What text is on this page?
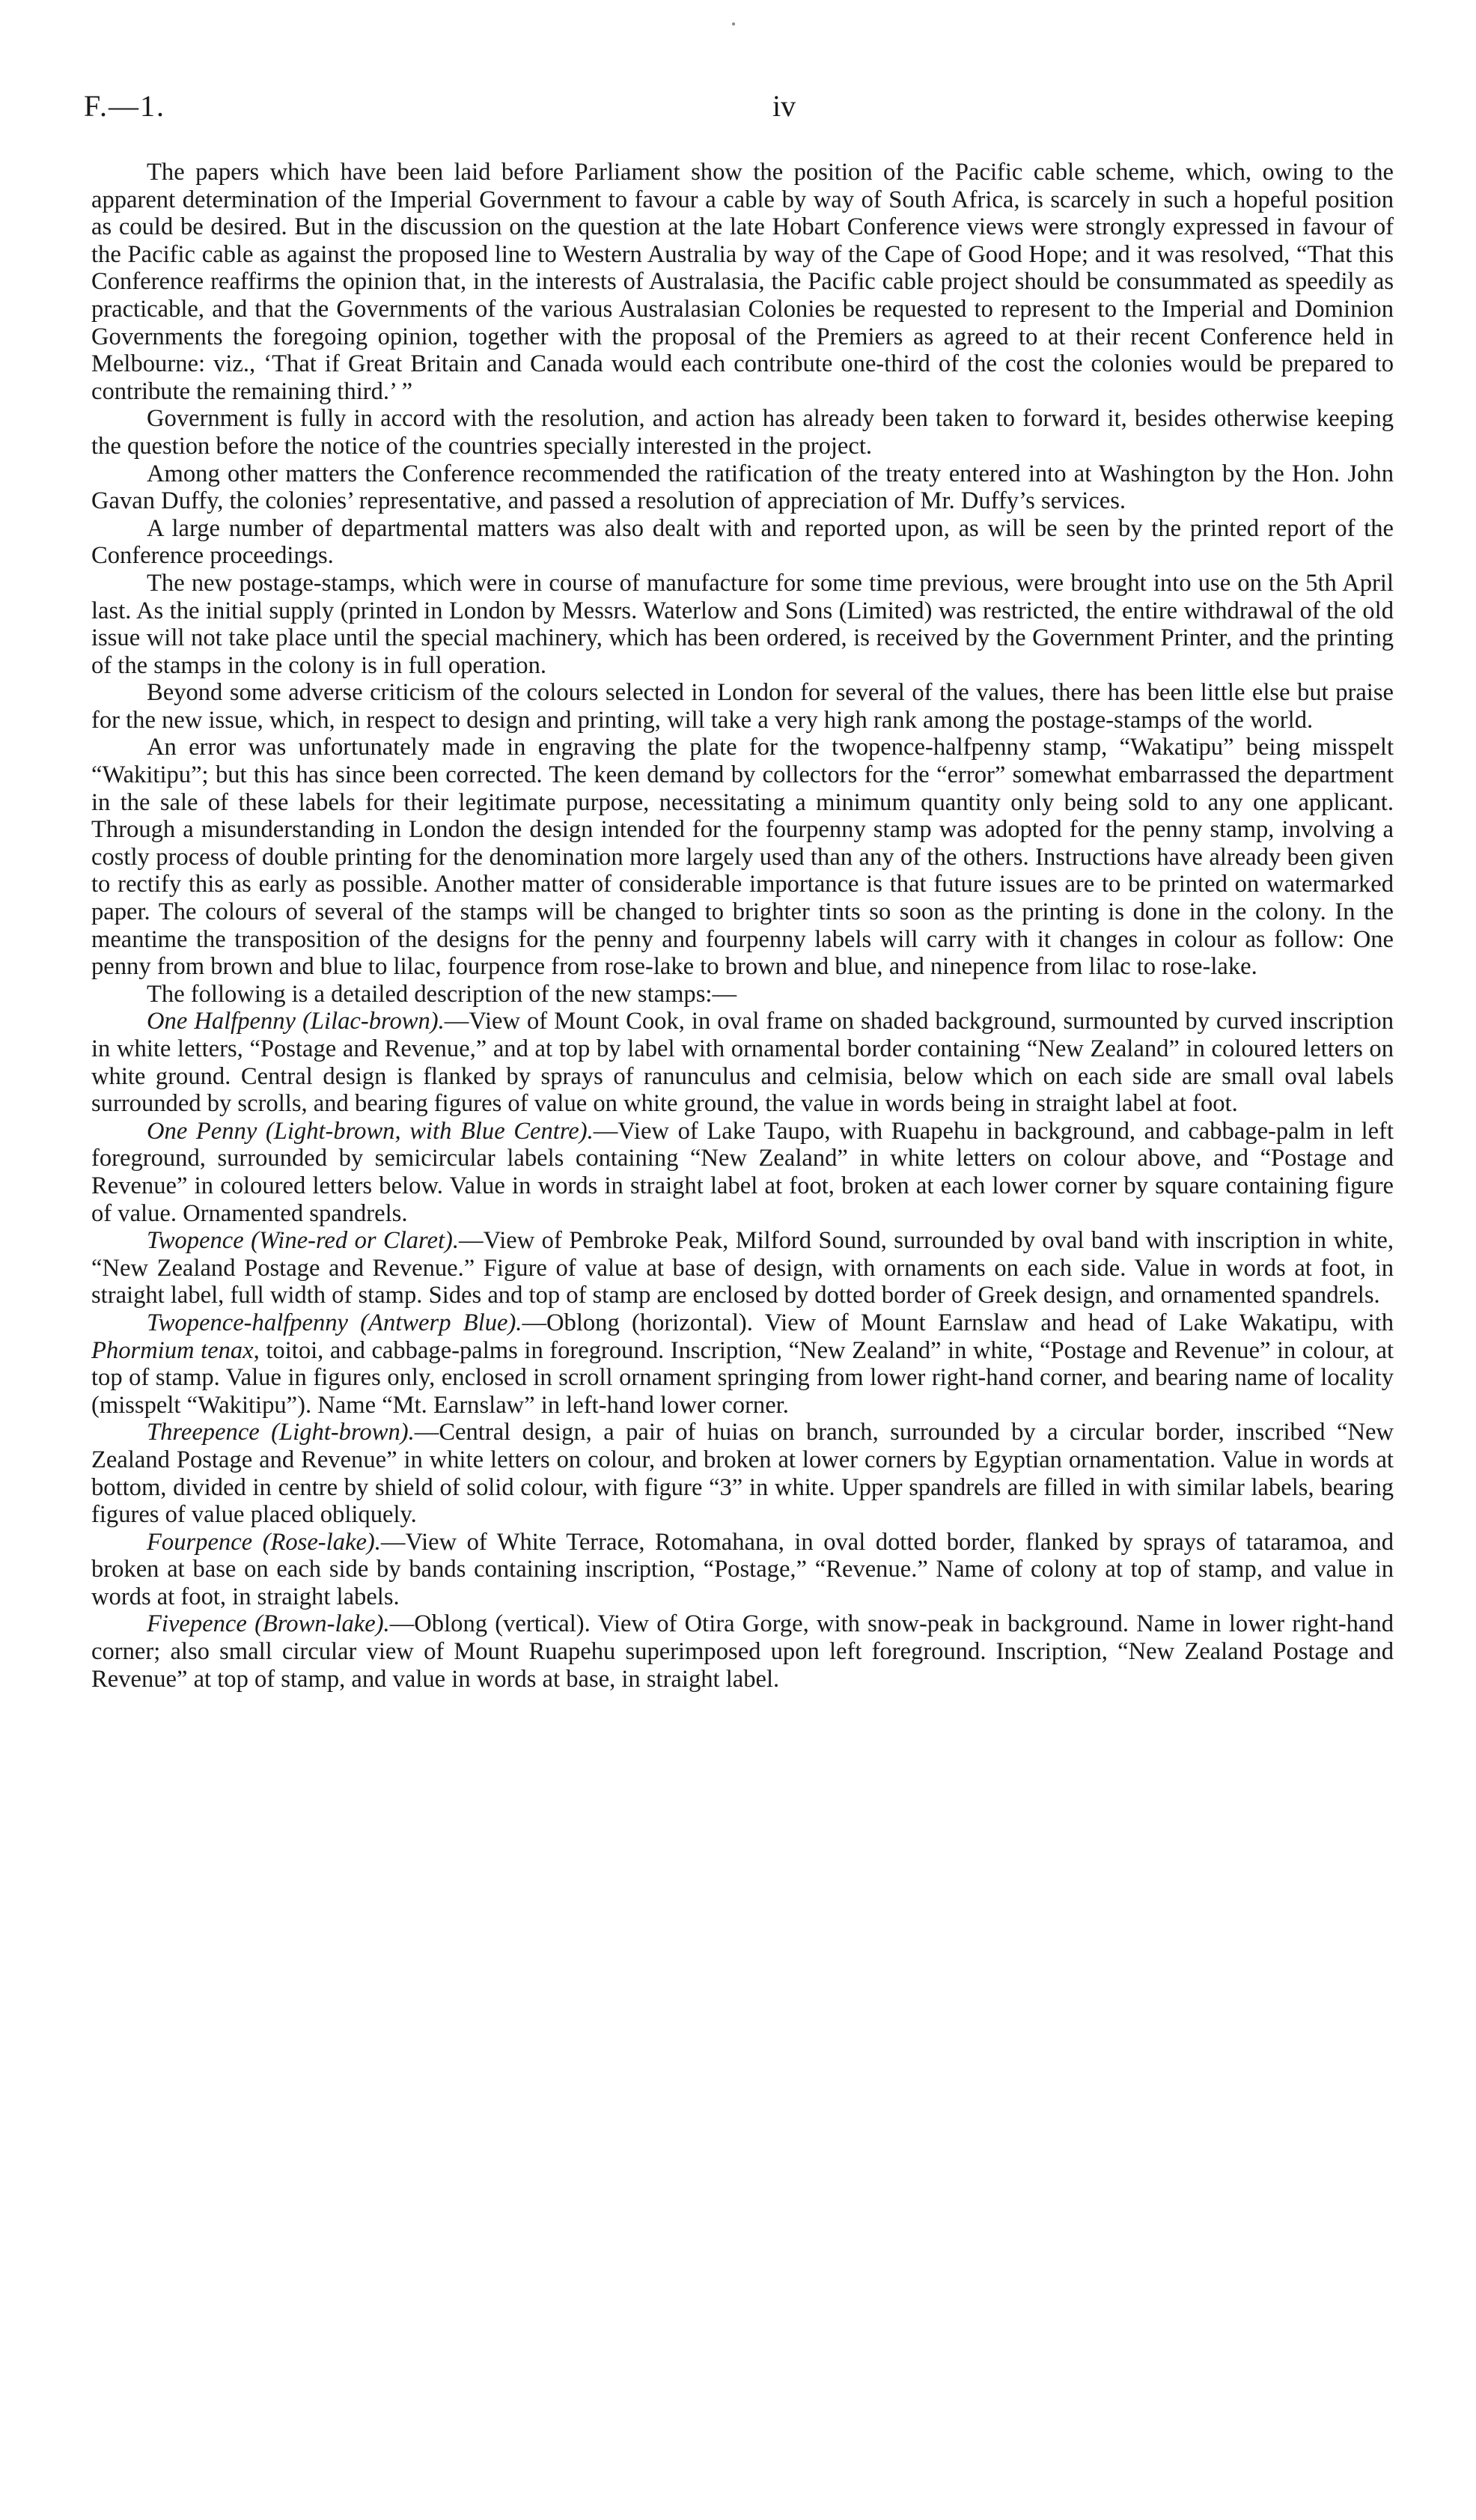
F.—1.	iv

The papers which have been laid before Parliament show the position of the Pacific cable scheme, which, owing to the apparent determination of the Imperial Government to favour a cable by way of South Africa, is scarcely in such a hopeful position as could be desired. But in the discussion on the question at the late Hobart Conference views were strongly expressed in favour of the Pacific cable as against the proposed line to Western Australia by way of the Cape of Good Hope; and it was resolved, “That this Conference reaffirms the opinion that, in the interests of Australasia, the Pacific cable project should be consummated as speedily as practicable, and that the Governments of the various Australasian Colonies be requested to represent to the Imperial and Dominion Governments the foregoing opinion, together with the proposal of the Premiers as agreed to at their recent Conference held in Melbourne: viz., ‘That if Great Britain and Canada would each contribute one-third of the cost the colonies would be prepared to contribute the remaining third.’ ”

Government is fully in accord with the resolution, and action has already been taken to forward it, besides otherwise keeping the question before the notice of the countries specially interested in the project.

Among other matters the Conference recommended the ratification of the treaty entered into at Washington by the Hon. John Gavan Duffy, the colonies’ representative, and passed a resolution of appreciation of Mr. Duffy’s services.

A large number of departmental matters was also dealt with and reported upon, as will be seen by the printed report of the Conference proceedings.

The new postage-stamps, which were in course of manufacture for some time previous, were brought into use on the 5th April last. As the initial supply (printed in London by Messrs. Waterlow and Sons (Limited) was restricted, the entire withdrawal of the old issue will not take place until the special machinery, which has been ordered, is received by the Government Printer, and the printing of the stamps in the colony is in full operation.

Beyond some adverse criticism of the colours selected in London for several of the values, there has been little else but praise for the new issue, which, in respect to design and printing, will take a very high rank among the postage-stamps of the world.

An error was unfortunately made in engraving the plate for the twopence-halfpenny stamp, “Wakatipu” being misspelt “Wakitipu”; but this has since been corrected. The keen demand by collectors for the “error” somewhat embarrassed the department in the sale of these labels for their legitimate purpose, necessitating a minimum quantity only being sold to any one applicant. Through a misunderstanding in London the design intended for the fourpenny stamp was adopted for the penny stamp, involving a costly process of double printing for the denomination more largely used than any of the others. Instructions have already been given to rectify this as early as possible. Another matter of considerable importance is that future issues are to be printed on watermarked paper. The colours of several of the stamps will be changed to brighter tints so soon as the printing is done in the colony. In the meantime the transposition of the designs for the penny and fourpenny labels will carry with it changes in colour as follow: One penny from brown and blue to lilac, fourpence from rose-lake to brown and blue, and ninepence from lilac to rose-lake.

The following is a detailed description of the new stamps:—

One Halfpenny (Lilac-brown).—View of Mount Cook, in oval frame on shaded background, surmounted by curved inscription in white letters, “Postage and Revenue,” and at top by label with ornamental border containing “New Zealand” in coloured letters on white ground. Central design is flanked by sprays of ranunculus and celmisia, below which on each side are small oval labels surrounded by scrolls, and bearing figures of value on white ground, the value in words being in straight label at foot.

One Penny (Light-brown, with Blue Centre).—View of Lake Taupo, with Ruapehu in background, and cabbage-palm in left foreground, surrounded by semicircular labels containing “New Zealand” in white letters on colour above, and “Postage and Revenue” in coloured letters below. Value in words in straight label at foot, broken at each lower corner by square containing figure of value. Ornamented spandrels.

Twopence (Wine-red or Claret).—View of Pembroke Peak, Milford Sound, surrounded by oval band with inscription in white, “New Zealand Postage and Revenue.” Figure of value at base of design, with ornaments on each side. Value in words at foot, in straight label, full width of stamp. Sides and top of stamp are enclosed by dotted border of Greek design, and ornamented spandrels.

Twopence-halfpenny (Antwerp Blue).—Oblong (horizontal). View of Mount Earnslaw and head of Lake Wakatipu, with Phormium tenax, toitoi, and cabbage-palms in foreground. Inscription, “New Zealand” in white, “Postage and Revenue” in colour, at top of stamp. Value in figures only, enclosed in scroll ornament springing from lower right-hand corner, and bearing name of locality (misspelt “Wakitipu”). Name “Mt. Earnslaw” in left-hand lower corner.

Threepence (Light-brown).—Central design, a pair of huias on branch, surrounded by a circular border, inscribed “New Zealand Postage and Revenue” in white letters on colour, and broken at lower corners by Egyptian ornamentation. Value in words at bottom, divided in centre by shield of solid colour, with figure “3” in white. Upper spandrels are filled in with similar labels, bearing figures of value placed obliquely.

Fourpence (Rose-lake).—View of White Terrace, Rotomahana, in oval dotted border, flanked by sprays of tataramoa, and broken at base on each side by bands containing inscription, “Postage,” “Revenue.” Name of colony at top of stamp, and value in words at foot, in straight labels.

Fivepence (Brown-lake).—Oblong (vertical). View of Otira Gorge, with snow-peak in background. Name in lower right-hand corner; also small circular view of Mount Ruapehu superimposed upon left foreground. Inscription, “New Zealand Postage and Revenue” at top of stamp, and value in words at base, in straight label.
